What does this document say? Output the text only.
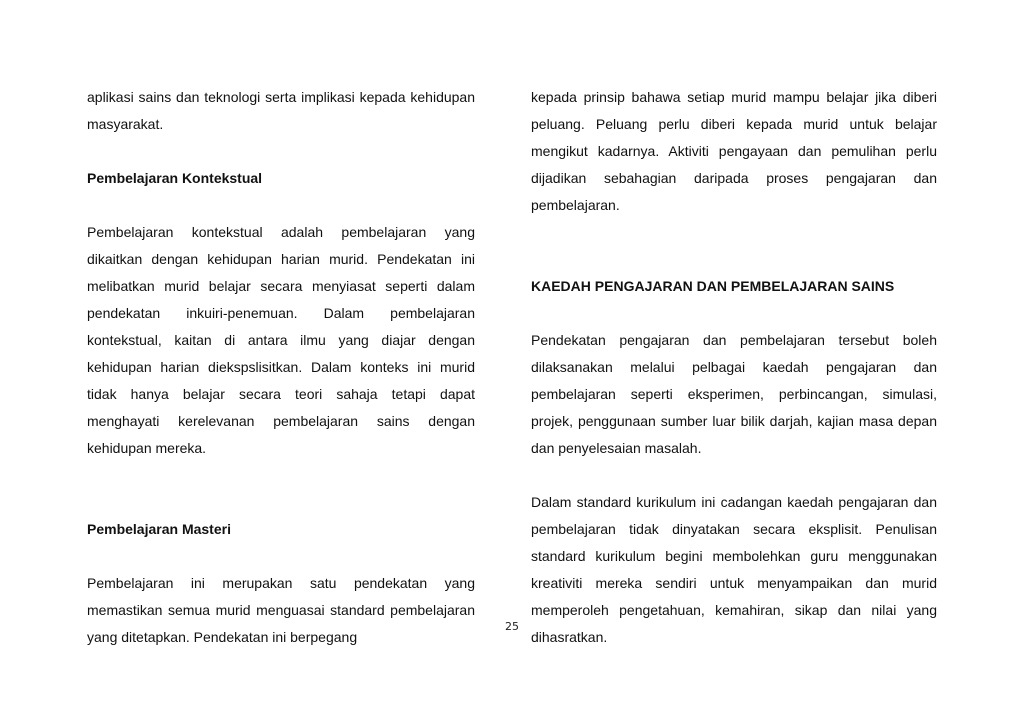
aplikasi sains dan teknologi serta implikasi kepada kehidupan masyarakat.

Pembelajaran Kontekstual

Pembelajaran kontekstual adalah pembelajaran yang dikaitkan dengan kehidupan harian murid. Pendekatan ini melibatkan murid belajar secara menyiasat seperti dalam pendekatan inkuiri-penemuan. Dalam pembelajaran kontekstual, kaitan di antara ilmu yang diajar dengan kehidupan harian diekspslisitkan. Dalam konteks ini murid tidak hanya belajar secara teori sahaja tetapi dapat menghayati kerelevanan pembelajaran sains dengan kehidupan mereka.

Pembelajaran Masteri

Pembelajaran ini merupakan satu pendekatan yang memastikan semua murid menguasai standard pembelajaran yang ditetapkan. Pendekatan ini berpegang

kepada prinsip bahawa setiap murid mampu belajar jika diberi peluang. Peluang perlu diberi kepada murid untuk belajar mengikut kadarnya. Aktiviti pengayaan dan pemulihan perlu dijadikan sebahagian daripada proses pengajaran dan pembelajaran.

KAEDAH PENGAJARAN DAN PEMBELAJARAN SAINS

Pendekatan pengajaran dan pembelajaran tersebut boleh dilaksanakan melalui pelbagai kaedah pengajaran dan pembelajaran seperti eksperimen, perbincangan, simulasi, projek, penggunaan sumber luar bilik darjah, kajian masa depan dan penyelesaian masalah.

Dalam standard kurikulum ini cadangan kaedah pengajaran dan pembelajaran tidak dinyatakan secara eksplisit. Penulisan standard kurikulum begini membolehkan guru menggunakan kreativiti mereka sendiri untuk menyampaikan dan murid memperoleh pengetahuan, kemahiran, sikap dan nilai yang dihasratkan.

25
